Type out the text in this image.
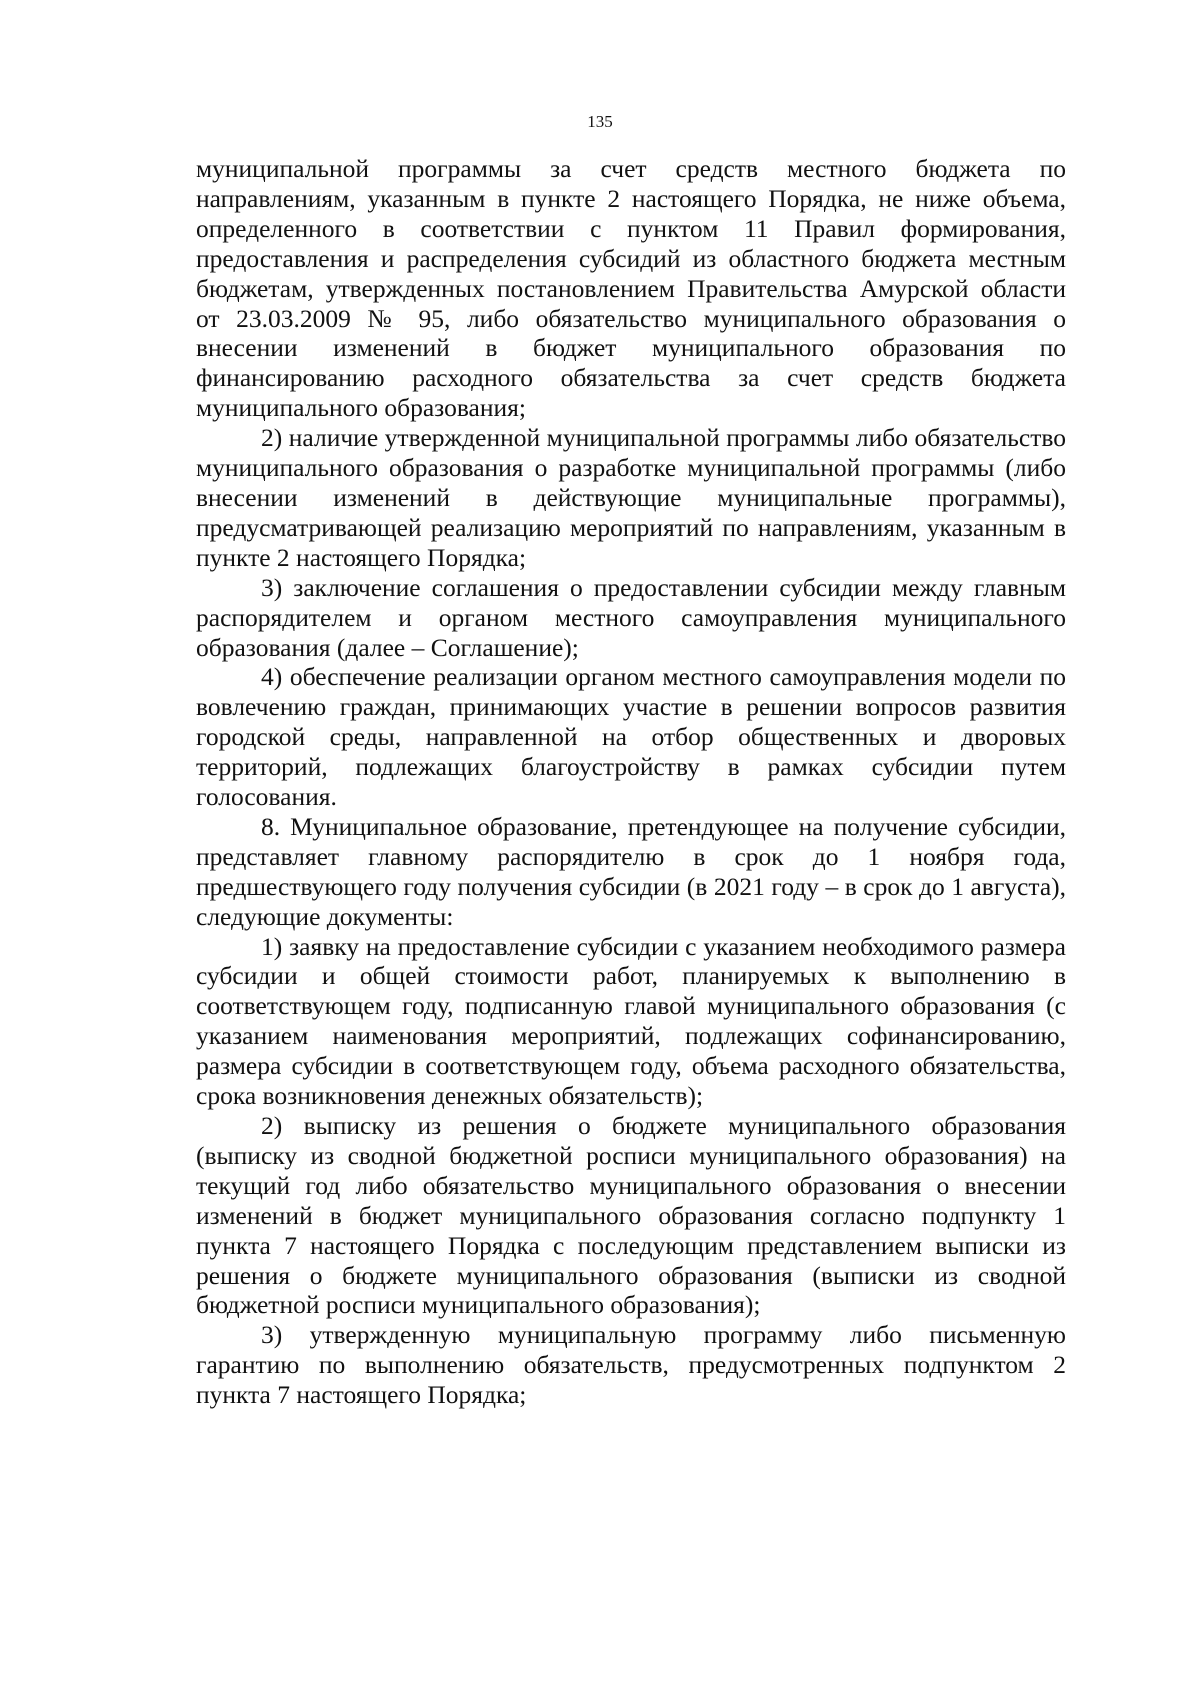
135

муниципальной программы за счет средств местного бюджета по направлениям, указанным в пункте 2 настоящего Порядка, не ниже объема, определенного в соответствии с пунктом 11 Правил формирования, предоставления и распределения субсидий из областного бюджета местным бюджетам, утвержденных постановлением Правительства Амурской области от 23.03.2009 № 95, либо обязательство муниципального образования о внесении изменений в бюджет муниципального образования по финансированию расходного обязательства за счет средств бюджета муниципального образования;

2) наличие утвержденной муниципальной программы либо обязательство муниципального образования о разработке муниципальной программы (либо внесении изменений в действующие муниципальные программы), предусматривающей реализацию мероприятий по направлениям, указанным в пункте 2 настоящего Порядка;

3) заключение соглашения о предоставлении субсидии между главным распорядителем и органом местного самоуправления муниципального образования (далее – Соглашение);

4) обеспечение реализации органом местного самоуправления модели по вовлечению граждан, принимающих участие в решении вопросов развития городской среды, направленной на отбор общественных и дворовых территорий, подлежащих благоустройству в рамках субсидии путем голосования.

8. Муниципальное образование, претендующее на получение субсидии, представляет главному распорядителю в срок до 1 ноября года, предшествующего году получения субсидии (в 2021 году – в срок до 1 августа), следующие документы:

1) заявку на предоставление субсидии с указанием необходимого размера субсидии и общей стоимости работ, планируемых к выполнению в соответствующем году, подписанную главой муниципального образования (с указанием наименования мероприятий, подлежащих софинансированию, размера субсидии в соответствующем году, объема расходного обязательства, срока возникновения денежных обязательств);

2) выписку из решения о бюджете муниципального образования (выписку из сводной бюджетной росписи муниципального образования) на текущий год либо обязательство муниципального образования о внесении изменений в бюджет муниципального образования согласно подпункту 1 пункта 7 настоящего Порядка с последующим представлением выписки из решения о бюджете муниципального образования (выписки из сводной бюджетной росписи муниципального образования);

3) утвержденную муниципальную программу либо письменную гарантию по выполнению обязательств, предусмотренных подпунктом 2 пункта 7 настоящего Порядка;
